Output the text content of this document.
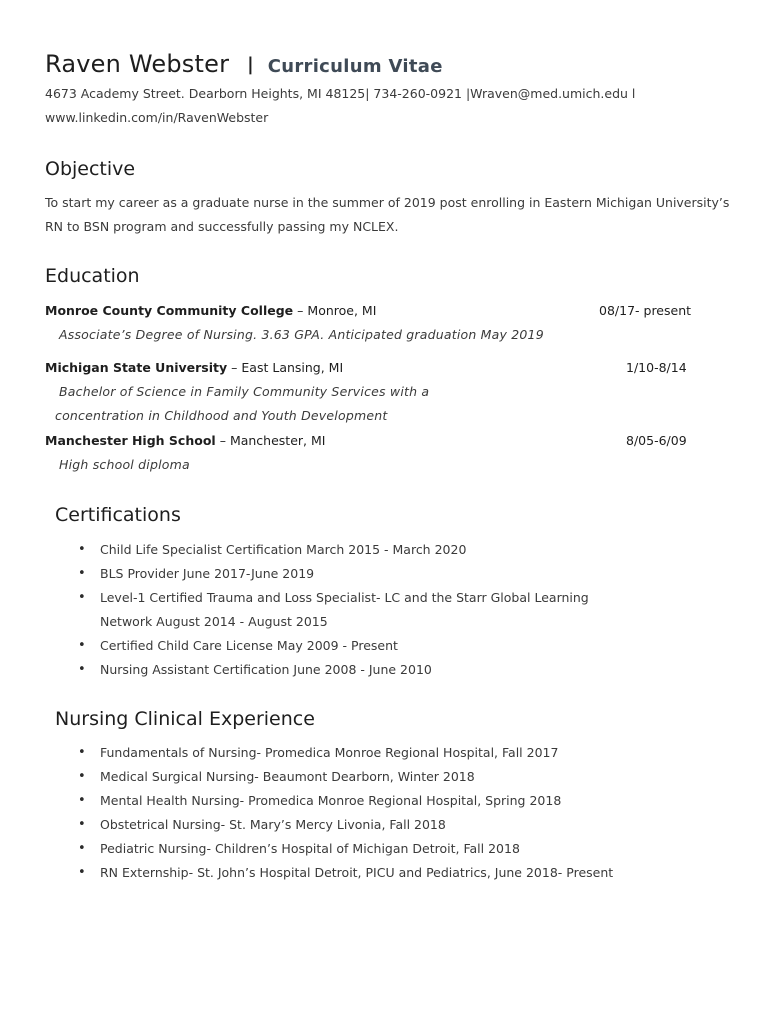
Raven Webster | Curriculum Vitae
4673 Academy Street. Dearborn Heights, MI 48125| 734-260-0921 |Wraven@med.umich.edu l
www.linkedin.com/in/RavenWebster
Objective

To start my career as a graduate nurse in the summer of 2019 post enrolling in Eastern Michigan University’s

RN to BSN program and successfully passing my NCLEX.

Education
Monroe County Community College – Monroe, MI	08/17- present
Associate’s Degree of Nursing. 3.63 GPA. Anticipated graduation May 2019
Michigan State University – East Lansing, MI	1/10-8/14
Bachelor of Science in Family Community Services with a
concentration in Childhood and Youth Development
Manchester High School – Manchester, MI	8/05-6/09
High school diploma
Certifications
• Child Life Specialist Certification March 2015 - March 2020
• BLS Provider June 2017-June 2019
• Level-1 Certified Trauma and Loss Specialist- LC and the Starr Global Learning
Network August 2014 - August 2015
• Certified Child Care License May 2009 - Present
• Nursing Assistant Certification June 2008 - June 2010
Nursing Clinical Experience
• Fundamentals of Nursing- Promedica Monroe Regional Hospital, Fall 2017
• Medical Surgical Nursing- Beaumont Dearborn, Winter 2018
• Mental Health Nursing- Promedica Monroe Regional Hospital, Spring 2018
• Obstetrical Nursing- St. Mary’s Mercy Livonia, Fall 2018
• Pediatric Nursing- Children’s Hospital of Michigan Detroit, Fall 2018
• RN Externship- St. John’s Hospital Detroit, PICU and Pediatrics, June 2018- Present
